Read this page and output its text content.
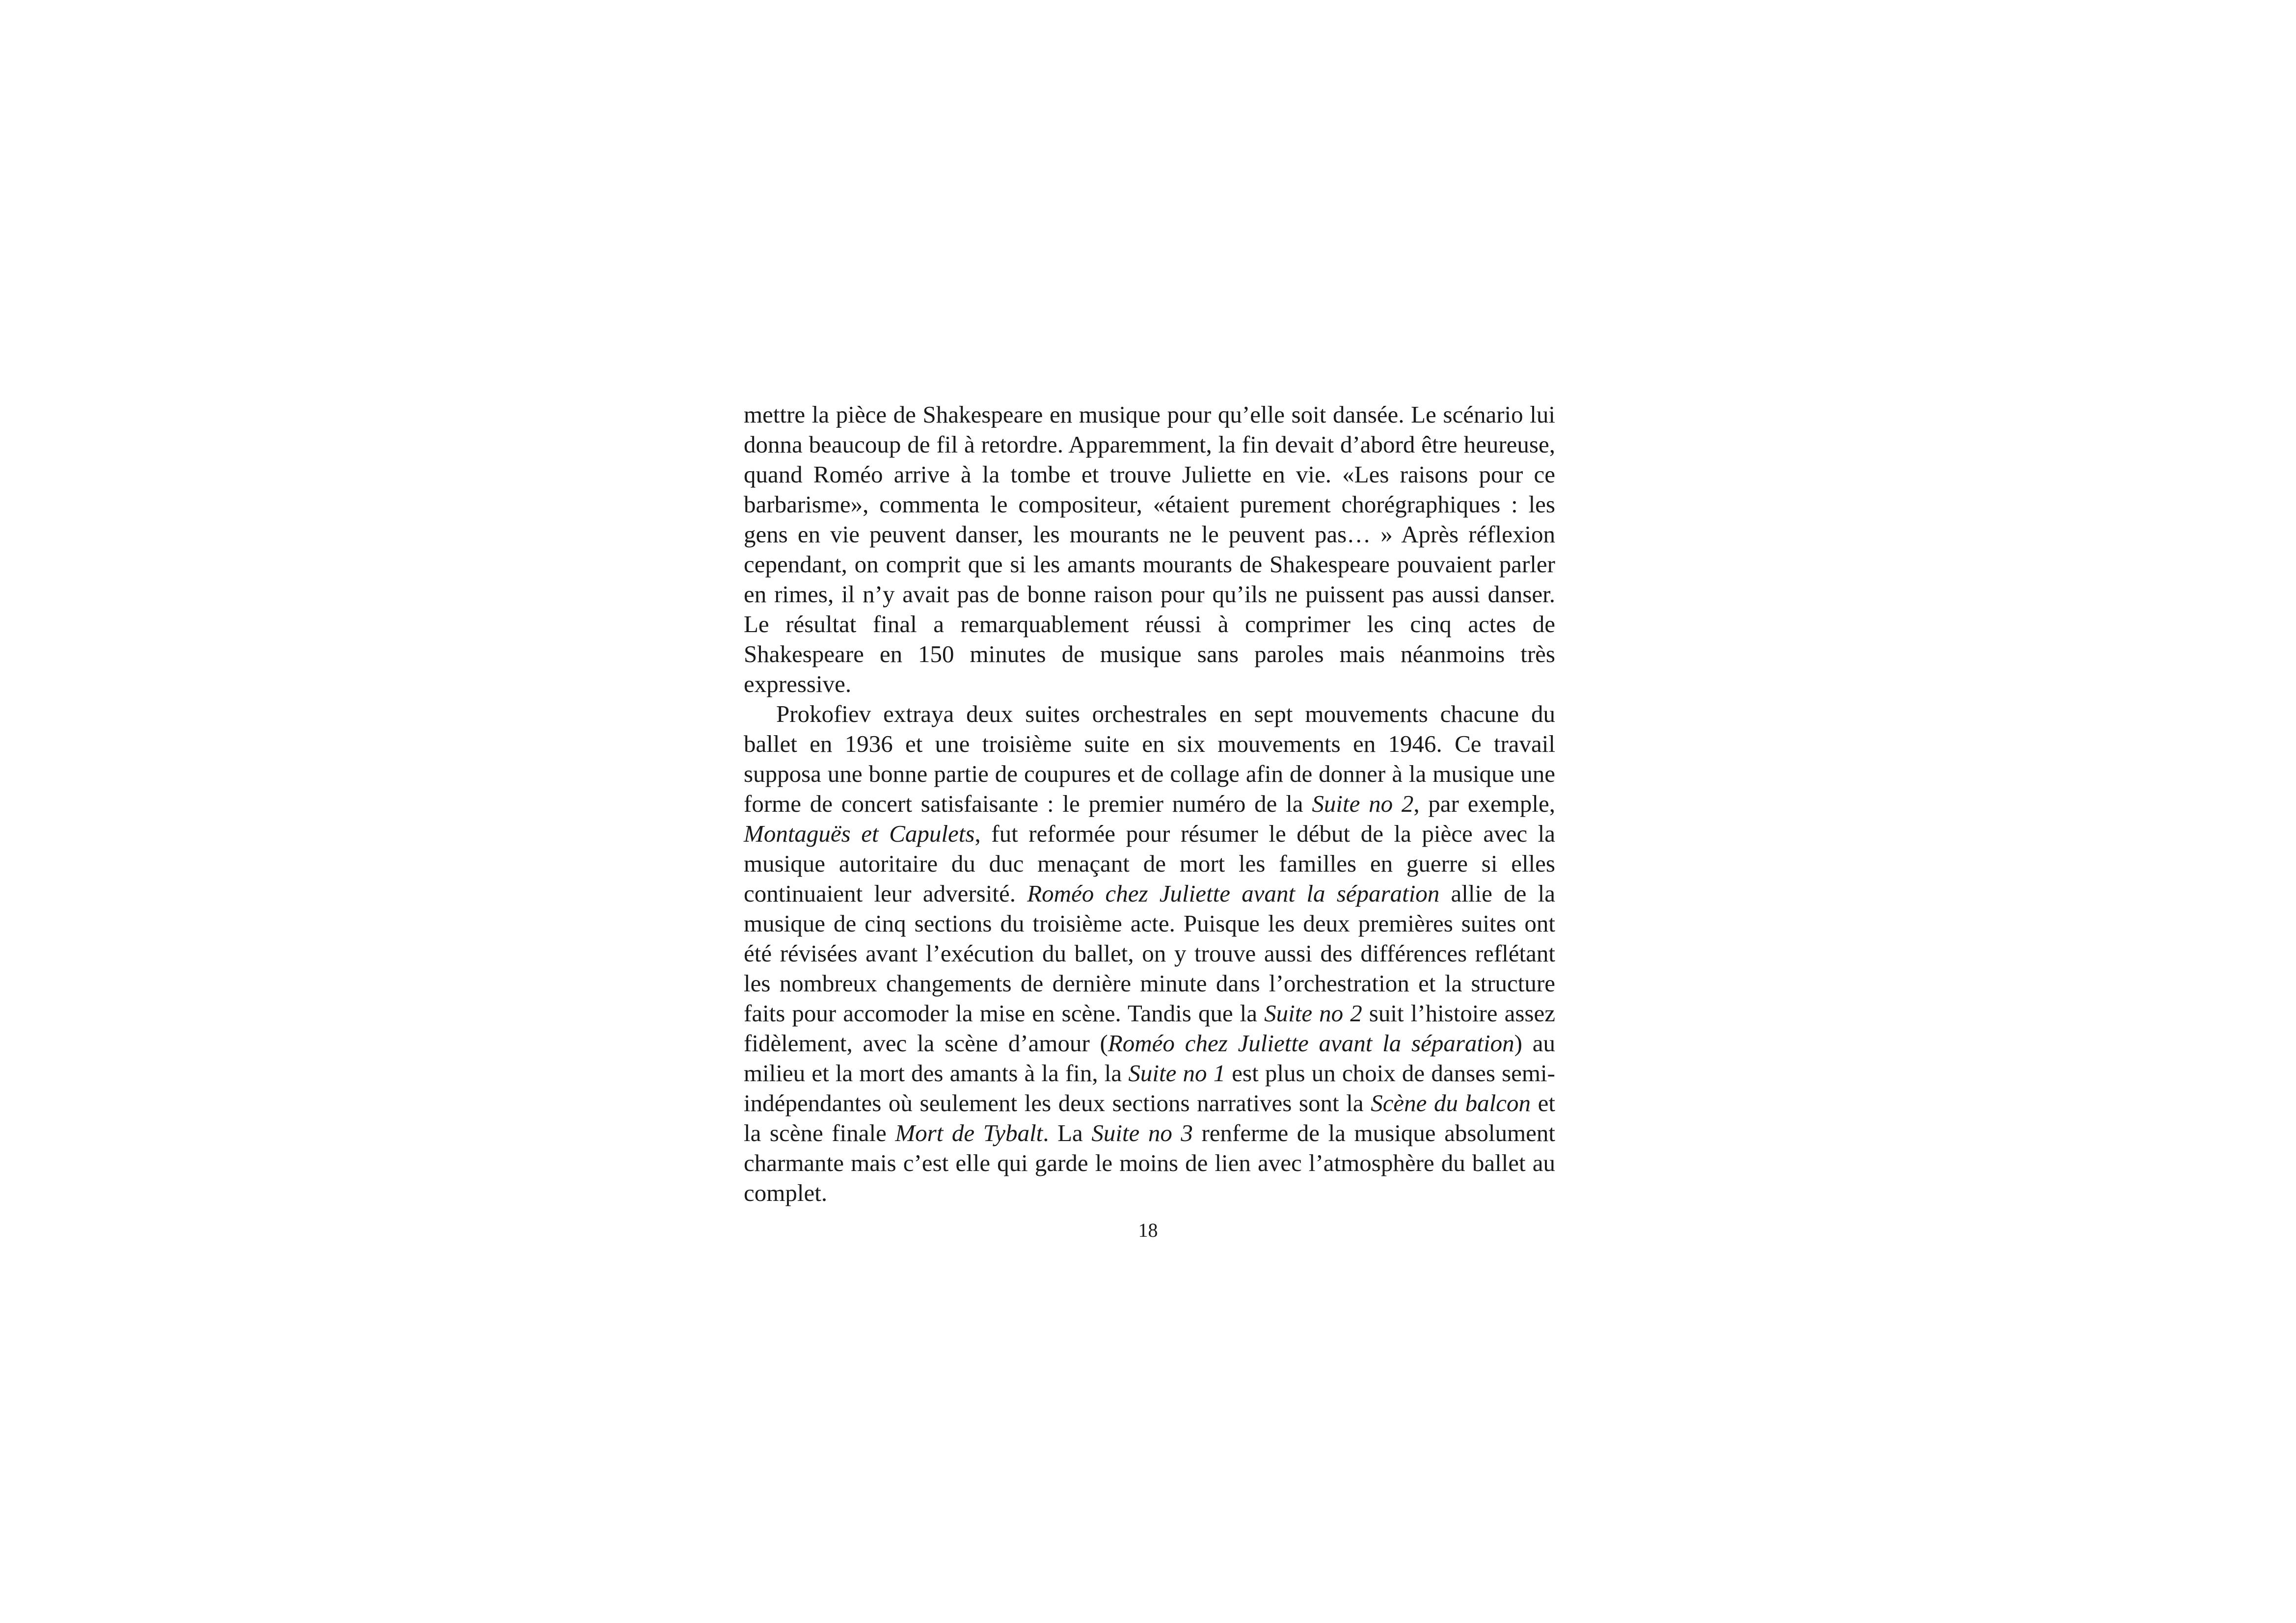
mettre la pièce de Shakespeare en musique pour qu’elle soit dansée. Le scénario lui donna beaucoup de fil à retordre. Apparemment, la fin devait d’abord être heureuse, quand Roméo arrive à la tombe et trouve Juliette en vie. «Les raisons pour ce barbarisme», commenta le compositeur, «étaient purement chorégraphiques : les gens en vie peuvent danser, les mourants ne le peuvent pas… » Après réflexion cependant, on comprit que si les amants mourants de Shakespeare pouvaient parler en rimes, il n’y avait pas de bonne raison pour qu’ils ne puissent pas aussi danser. Le résultat final a remarquablement réussi à comprimer les cinq actes de Shakespeare en 150 minutes de musique sans paroles mais néanmoins très expressive.

Prokofiev extraya deux suites orchestrales en sept mouvements chacune du ballet en 1936 et une troisième suite en six mouvements en 1946. Ce travail supposa une bonne partie de coupures et de collage afin de donner à la musique une forme de concert satisfaisante : le premier numéro de la Suite no 2, par exemple, Montaguës et Capulets, fut reformée pour résumer le début de la pièce avec la musique autoritaire du duc menaçant de mort les familles en guerre si elles continuaient leur adversité. Roméo chez Juliette avant la séparation allie de la musique de cinq sections du troisième acte. Puisque les deux premières suites ont été révisées avant l’exécution du ballet, on y trouve aussi des différences reflétant les nombreux changements de dernière minute dans l’orchestration et la structure faits pour accomoder la mise en scène. Tandis que la Suite no 2 suit l’histoire assez fidèlement, avec la scène d’amour (Roméo chez Juliette avant la séparation) au milieu et la mort des amants à la fin, la Suite no 1 est plus un choix de danses semi-indépendantes où seulement les deux sections narratives sont la Scène du balcon et la scène finale Mort de Tybalt. La Suite no 3 renferme de la musique absolument charmante mais c’est elle qui garde le moins de lien avec l’atmosphère du ballet au complet.

18
